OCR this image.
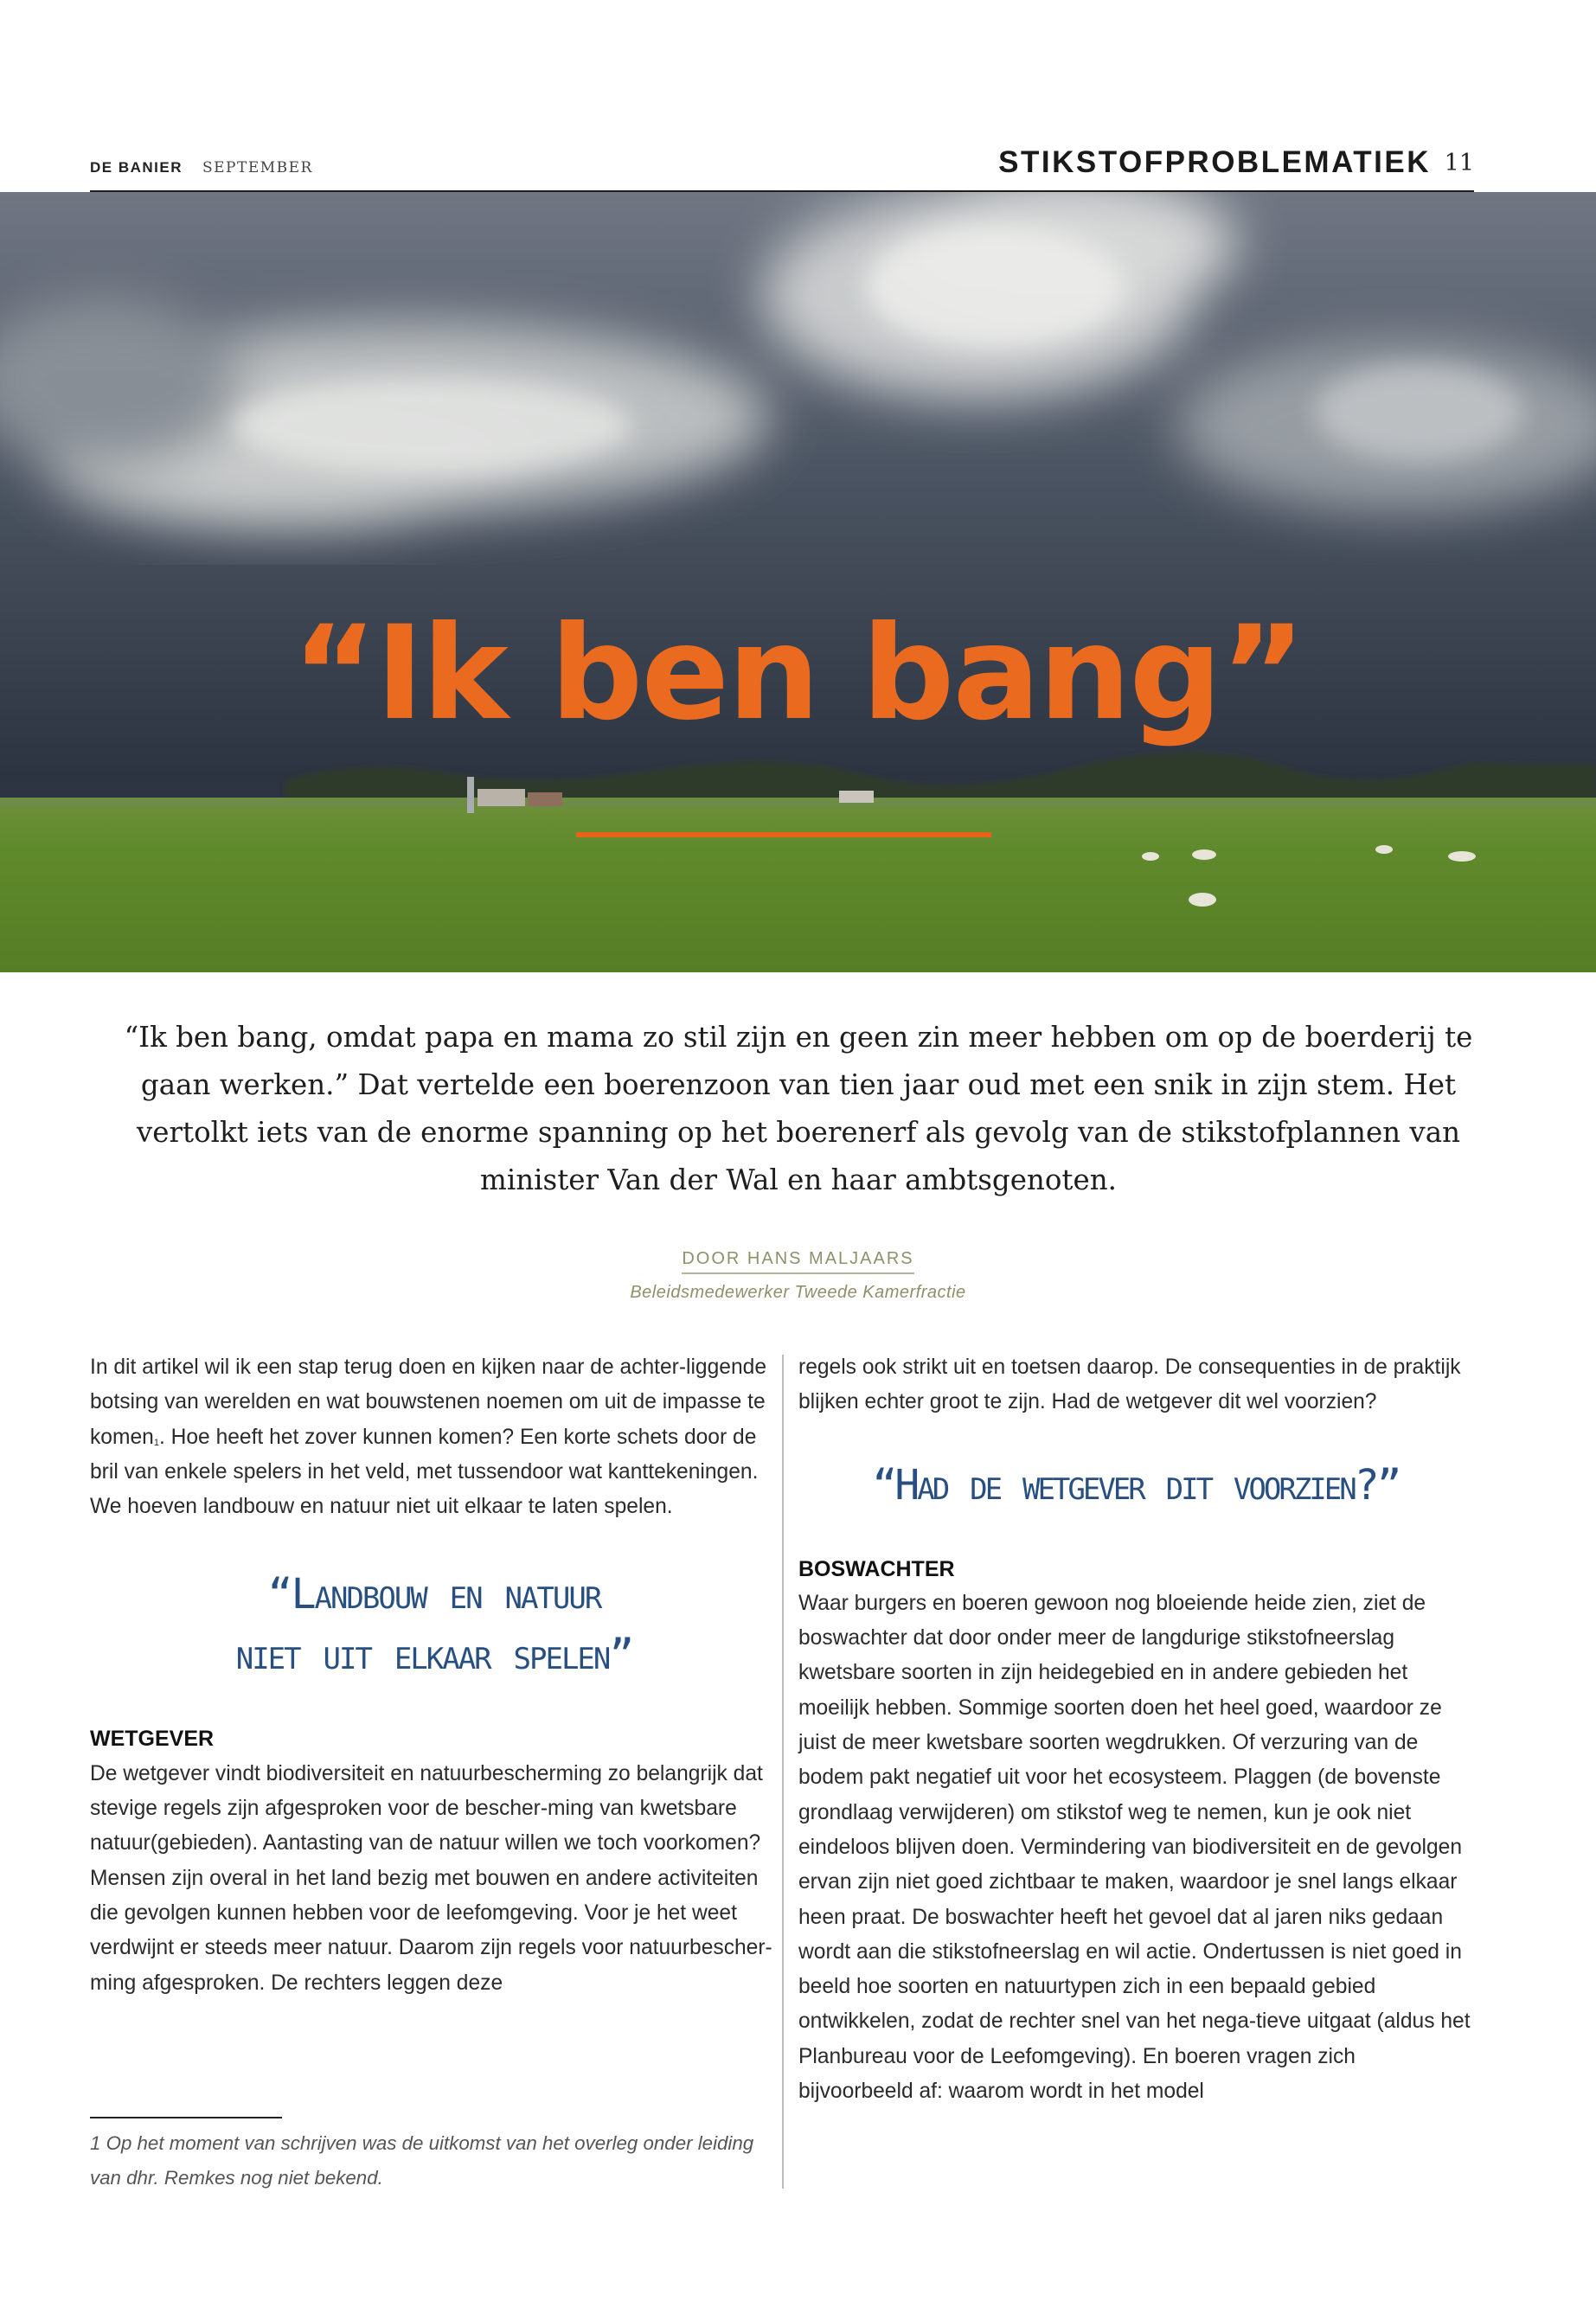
DE BANIER SEPTEMBER	STIKSTOFPROBLEMATIEK 11
“Ik ben bang”
“Ik ben bang, omdat papa en mama zo stil zijn en geen zin meer hebben om op de boerderij te gaan werken.” Dat vertelde een boerenzoon van tien jaar oud met een snik in zijn stem. Het vertolkt iets van de enorme spanning op het boerenerf als gevolg van de stikstofplannen van minister Van der Wal en haar ambtsgenoten.
DOOR HANS MALJAARS
Beleidsmedewerker Tweede Kamerfractie

In dit artikel wil ik een stap terug doen en kijken naar de achter-liggende botsing van werelden en wat bouwstenen noemen om uit de impasse te komen$^1$. Hoe heeft het zover kunnen komen? Een korte schets door de bril van enkele spelers in het veld, met tussendoor wat kanttekeningen. We hoeven landbouw en natuur niet uit elkaar te laten spelen.

“Landbouw en natuur
niet uit elkaar spelen”
WETGEVER

De wetgever vindt biodiversiteit en natuurbescherming zo belangrijk dat stevige regels zijn afgesproken voor de bescher-ming van kwetsbare natuur(gebieden). Aantasting van de natuur willen we toch voorkomen? Mensen zijn overal in het land bezig met bouwen en andere activiteiten die gevolgen kunnen hebben voor de leefomgeving. Voor je het weet verdwijnt er steeds meer natuur. Daarom zijn regels voor natuurbescher-ming afgesproken. De rechters leggen deze

regels ook strikt uit en toetsen daarop. De consequenties in de praktijk blijken echter groot te zijn. Had de wetgever dit wel voorzien?

“Had de wetgever dit voorzien?”
BOSWACHTER

Waar burgers en boeren gewoon nog bloeiende heide zien, ziet de boswachter dat door onder meer de langdurige stikstofneerslag kwetsbare soorten in zijn heidegebied en in andere gebieden het moeilijk hebben. Sommige soorten doen het heel goed, waardoor ze juist de meer kwetsbare soorten wegdrukken. Of verzuring van de bodem pakt negatief uit voor het ecosysteem. Plaggen (de bovenste grondlaag verwijderen) om stikstof weg te nemen, kun je ook niet eindeloos blijven doen. Vermindering van biodiversiteit en de gevolgen ervan zijn niet goed zichtbaar te maken, waardoor je snel langs elkaar heen praat. De boswachter heeft het gevoel dat al jaren niks gedaan wordt aan die stikstofneerslag en wil actie. Ondertussen is niet goed in beeld hoe soorten en natuurtypen zich in een bepaald gebied ontwikkelen, zodat de rechter snel van het nega-tieve uitgaat (aldus het Planbureau voor de Leefomgeving). En boeren vragen zich bijvoorbeeld af: waarom wordt in het model

1 Op het moment van schrijven was de uitkomst van het overleg onder leiding van dhr. Remkes nog niet bekend.
